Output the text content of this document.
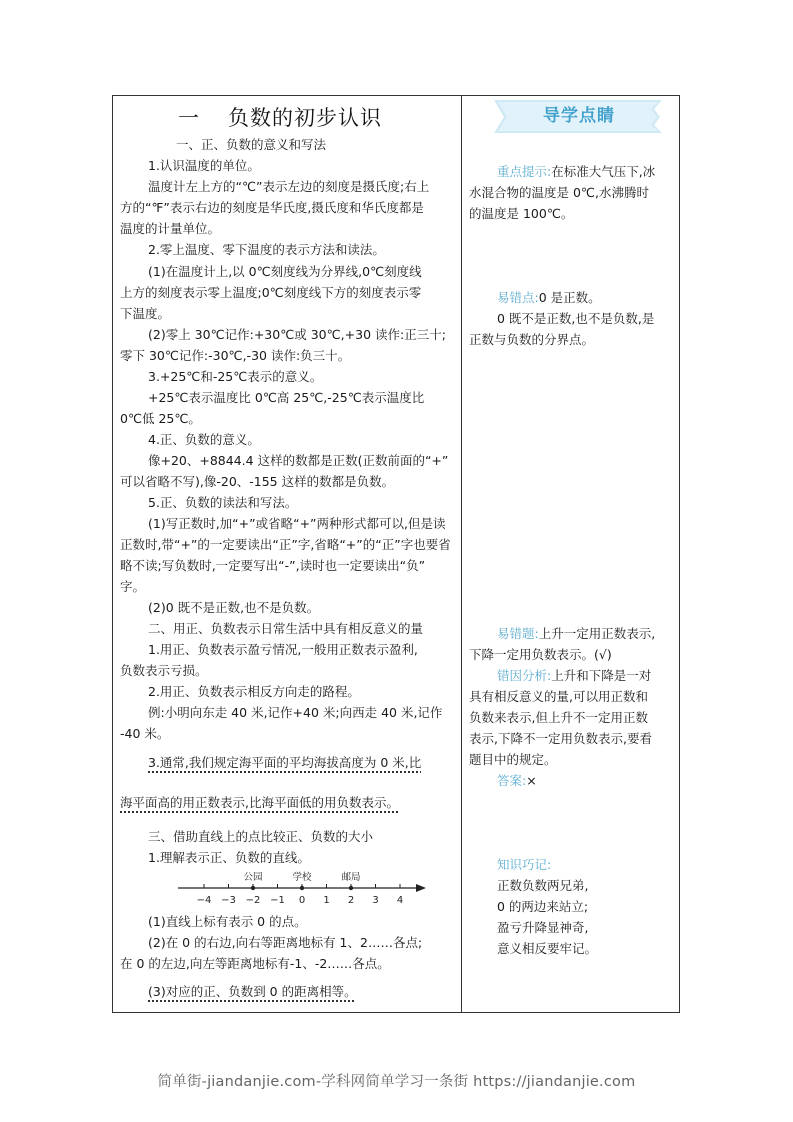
一 负数的初步认识	导学点睛
一、正、负数的意义和写法
1.认识温度的单位。
温度计左上方的“℃”表示左边的刻度是摄氏度;右上
方的“℉”表示右边的刻度是华氏度,摄氏度和华氏度都是
温度的计量单位。
2.零上温度、零下温度的表示方法和读法。
(1)在温度计上,以 0℃刻度线为分界线,0℃刻度线
上方的刻度表示零上温度;0℃刻度线下方的刻度表示零
下温度。
(2)零上 30℃记作:+30℃或 30℃,+30 读作:正三十;
零下 30℃记作:-30℃,-30 读作:负三十。
3.+25℃和-25℃表示的意义。
+25℃表示温度比 0℃高 25℃,-25℃表示温度比
0℃低 25℃。
4.正、负数的意义。
像+20、+8844.4 这样的数都是正数(正数前面的“+”
可以省略不写),像-20、-155 这样的数都是负数。
5.正、负数的读法和写法。
(1)写正数时,加“+”或省略“+”两种形式都可以,但是读
正数时,带“+”的一定要读出“正”字,省略“+”的“正”字也要省
略不读;写负数时,一定要写出“-”,读时也一定要读出“负”
字。
(2)0 既不是正数,也不是负数。
二、用正、负数表示日常生活中具有相反意义的量
1.用正、负数表示盈亏情况,一般用正数表示盈利,
负数表示亏损。
2.用正、负数表示相反方向走的路程。
例:小明向东走 40 米,记作+40 米;向西走 40 米,记作
-40 米。
3.通常,我们规定海平面的平均海拔高度为 0 米,比
海平面高的用正数表示,比海平面低的用负数表示。
三、借助直线上的点比较正、负数的大小
1.理解表示正、负数的直线。
−4 −3 −2 −1 0 1 2 3 4
公园	学校	邮局
(1)直线上标有表示 0 的点。
(2)在 0 的右边,向右等距离地标有 1、2……各点;
在 0 的左边,向左等距离地标有-1、-2……各点。
(3)对应的正、负数到 0 的距离相等。
重点提示:在标准大气压下,冰
水混合物的温度是 0℃,水沸腾时
的温度是 100℃。
易错点:0 是正数。
0 既不是正数,也不是负数,是
正数与负数的分界点。
易错题:上升一定用正数表示,
下降一定用负数表示。(√)
错因分析:上升和下降是一对
具有相反意义的量,可以用正数和
负数来表示,但上升不一定用正数
表示,下降不一定用负数表示,要看
题目中的规定。
答案:×
知识巧记:
正数负数两兄弟,
0 的两边来站立;
盈亏升降显神奇,
意义相反要牢记。
简单街-jiandanjie.com-学科网简单学习一条街 https://jiandanjie.com
